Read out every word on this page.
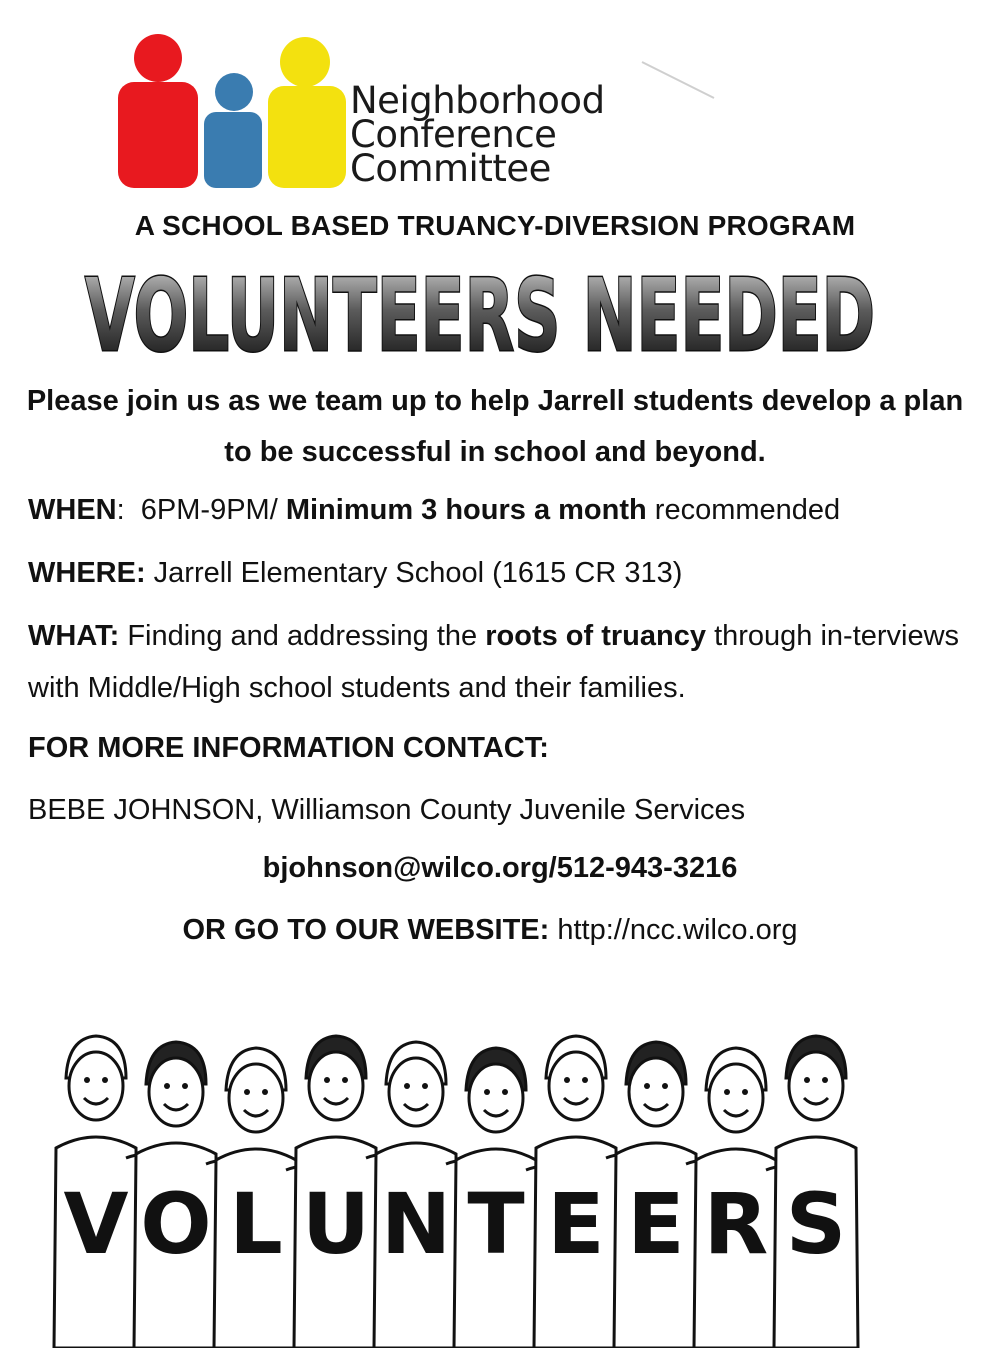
Neighborhood
Conference
Committee
A SCHOOL BASED TRUANCY-DIVERSION PROGRAM
VOLUNTEERS NEEDED
Please join us as we team up to help Jarrell students develop a plan to be successful in school and beyond.
WHEN:  6PM-9PM/ Minimum 3 hours a month recommended
WHERE: Jarrell Elementary School (1615 CR 313)
WHAT: Finding and addressing the roots of truancy through in-terviews with Middle/High school students and their families.
FOR MORE INFORMATION CONTACT:
BEBE JOHNSON, Williamson County Juvenile Services
bjohnson@wilco.org/512-943-3216
OR GO TO OUR WEBSITE: http://ncc.wilco.org
V O L U N T E E R S
